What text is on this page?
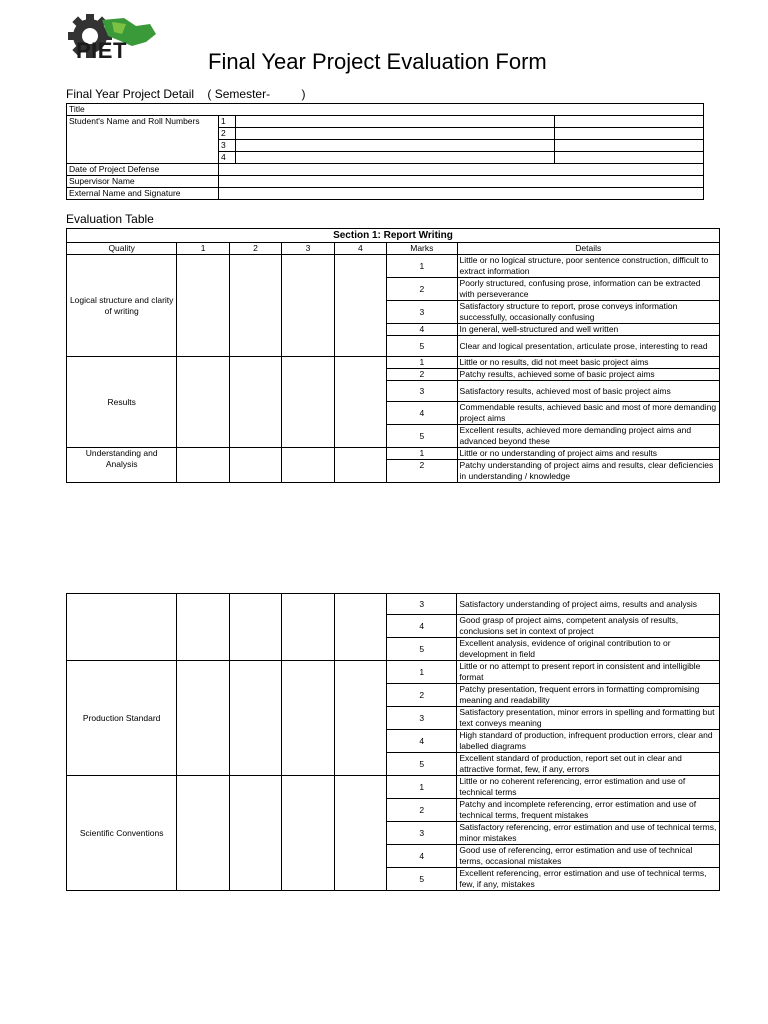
PIET	Final Year Project Evaluation Form
Final Year Project Detail ( Semester-	)
Title			
Student's Name and Roll Numbers	1		
	2		
	3		
	4		
Date of Project Defense			
Supervisor Name			
External Name and Signature			
Evaluation Table
Section 1: Report Writing						
Quality	1	2	3	4	Marks	Details
Logical structure and clarity of writing					1	Little or no logical structure, poor sentence construction, difficult to extract information
					2	Poorly structured, confusing prose, information can be extracted with perseverance
					3	Satisfactory structure to report, prose conveys information successfully, occasionally confusing
					4	In general, well-structured and well written
					5	Clear and logical presentation, articulate prose, interesting to read
Results					1	Little or no results, did not meet basic project aims
					2	Patchy results, achieved some of basic project aims
					3	Satisfactory results, achieved most of basic project aims
					4	Commendable results, achieved basic and most of more demanding project aims
					5	Excellent results, achieved more demanding project aims and advanced beyond these
Understanding and Analysis					1	Little or no understanding of project aims and results
					2	Patchy understanding of project aims and results, clear deficiencies in understanding / knowledge
					3	Satisfactory understanding of project aims, results and analysis
					4	Good grasp of project aims, competent analysis of results, conclusions set in context of project
					5	Excellent analysis, evidence of original contribution to or development in field
Production Standard					1	Little or no attempt to present report in consistent and intelligible format
					2	Patchy presentation, frequent errors in formatting compromising meaning and readability
					3	Satisfactory presentation, minor errors in spelling and formatting but text conveys meaning
					4	High standard of production, infrequent production errors, clear and labelled diagrams
					5	Excellent standard of production, report set out in clear and attractive format, few, if any, errors
Scientific Conventions					1	Little or no coherent referencing, error estimation and use of technical terms
					2	Patchy and incomplete referencing, error estimation and use of technical terms, frequent mistakes
					3	Satisfactory referencing, error estimation and use of technical terms, minor mistakes
					4	Good use of referencing, error estimation and use of technical terms, occasional mistakes
					5	Excellent referencing, error estimation and use of technical terms, few, if any, mistakes
